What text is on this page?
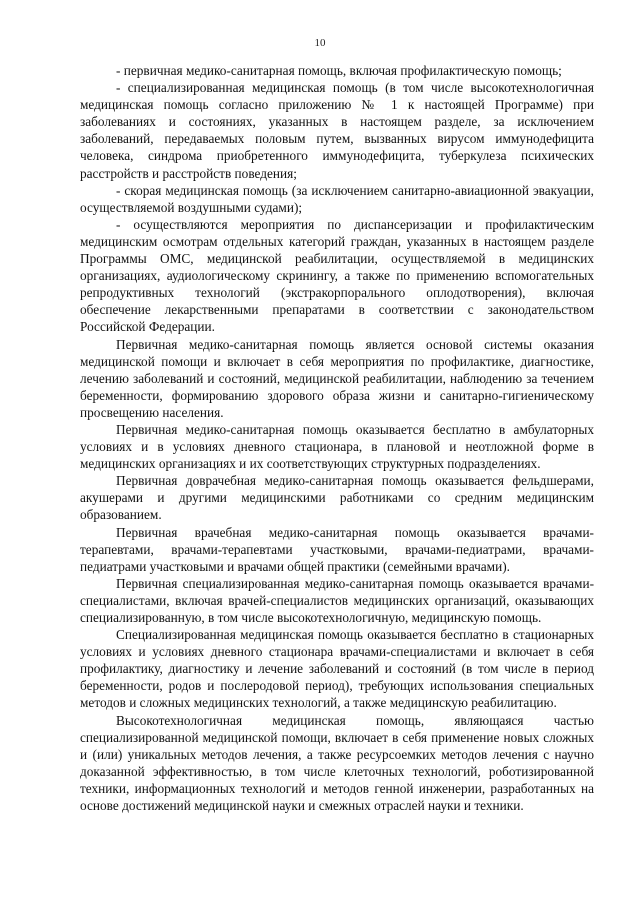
10

- первичная медико-санитарная помощь, включая профилактическую помощь;

- специализированная медицинская помощь (в том числе высокотехнологичная медицинская помощь согласно приложению № 1 к настоящей Программе) при заболеваниях и состояниях, указанных в настоящем разделе, за исключением заболеваний, передаваемых половым путем, вызванных вирусом иммунодефицита человека, синдрома приобретенного иммунодефицита, туберкулеза психических расстройств и расстройств поведения;

- скорая медицинская помощь (за исключением санитарно-авиационной эвакуации, осуществляемой воздушными судами);

- осуществляются мероприятия по диспансеризации и профилактическим медицинским осмотрам отдельных категорий граждан, указанных в настоящем разделе Программы ОМС, медицинской реабилитации, осуществляемой в медицинских организациях, аудиологическому скринингу, а также по применению вспомогательных репродуктивных технологий (экстракорпорального оплодотворения), включая обеспечение лекарственными препаратами в соответствии с законодательством Российской Федерации.

Первичная медико-санитарная помощь является основой системы оказания медицинской помощи и включает в себя мероприятия по профилактике, диагностике, лечению заболеваний и состояний, медицинской реабилитации, наблюдению за течением беременности, формированию здорового образа жизни и санитарно-гигиеническому просвещению населения.

Первичная медико-санитарная помощь оказывается бесплатно в амбулаторных условиях и в условиях дневного стационара, в плановой и неотложной форме в медицинских организациях и их соответствующих структурных подразделениях.

Первичная доврачебная медико-санитарная помощь оказывается фельдшерами, акушерами и другими медицинскими работниками со средним медицинским образованием.

Первичная врачебная медико-санитарная помощь оказывается врачами-терапевтами, врачами-терапевтами участковыми, врачами-педиатрами, врачами-педиатрами участковыми и врачами общей практики (семейными врачами).

Первичная специализированная медико-санитарная помощь оказывается врачами-специалистами, включая врачей-специалистов медицинских организаций, оказывающих специализированную, в том числе высокотехнологичную, медицинскую помощь.

Специализированная медицинская помощь оказывается бесплатно в стационарных условиях и условиях дневного стационара врачами-специалистами и включает в себя профилактику, диагностику и лечение заболеваний и состояний (в том числе в период беременности, родов и послеродовой период), требующих использования специальных методов и сложных медицинских технологий, а также медицинскую реабилитацию.

Высокотехнологичная медицинская помощь, являющаяся частью специализированной медицинской помощи, включает в себя применение новых сложных и (или) уникальных методов лечения, а также ресурсоемких методов лечения с научно доказанной эффективностью, в том числе клеточных технологий, роботизированной техники, информационных технологий и методов генной инженерии, разработанных на основе достижений медицинской науки и смежных отраслей науки и техники.
